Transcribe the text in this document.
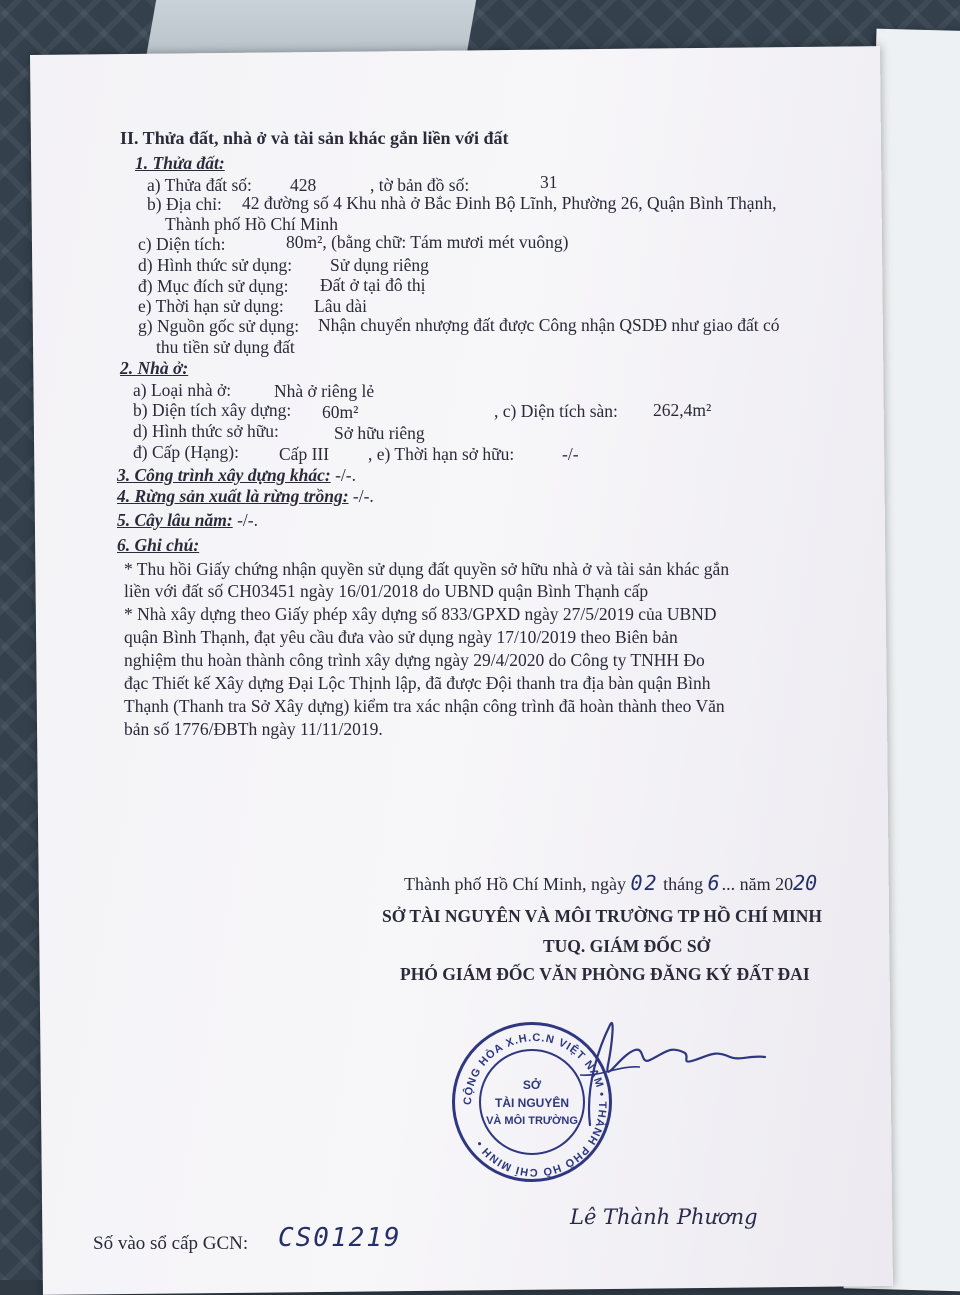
II. Thửa đất, nhà ở và tài sản khác gắn liền với đất
1. Thửa đất:
a) Thửa đất số: 428	, tờ bản đồ số:	31
b) Địa chỉ: 42 đường số 4 Khu nhà ở Bắc Đinh Bộ Lĩnh, Phường 26, Quận Bình Thạnh,
Thành phố Hồ Chí Minh
c) Diện tích:	80m², (bằng chữ: Tám mươi mét vuông)
d) Hình thức sử dụng: Sử dụng riêng
đ) Mục đích sử dụng: Đất ở tại đô thị
e) Thời hạn sử dụng: Lâu dài
g) Nguồn gốc sử dụng: Nhận chuyển nhượng đất được Công nhận QSDĐ như giao đất có
thu tiền sử dụng đất
2. Nhà ở:
a) Loại nhà ở: Nhà ở riêng lẻ
b) Diện tích xây dựng: 60m²	, c) Diện tích sàn: 262,4m²
d) Hình thức sở hữu:	Sở hữu riêng
đ) Cấp (Hạng): Cấp III , e) Thời hạn sở hữu:	-/-
3. Công trình xây dựng khác: -/-.
4. Rừng sản xuất là rừng trồng: -/-.
5. Cây lâu năm: -/-.
6. Ghi chú:
* Thu hồi Giấy chứng nhận quyền sử dụng đất quyền sở hữu nhà ở và tài sản khác gắn
liền với đất số CH03451 ngày 16/01/2018 do UBND quận Bình Thạnh cấp
* Nhà xây dựng theo Giấy phép xây dựng số 833/GPXD ngày 27/5/2019 của UBND
quận Bình Thạnh, đạt yêu cầu đưa vào sử dụng ngày 17/10/2019 theo Biên bản
nghiệm thu hoàn thành công trình xây dựng ngày 29/4/2020 do Công ty TNHH Đo
đạc Thiết kế Xây dựng Đại Lộc Thịnh lập, đã được Đội thanh tra địa bàn quận Bình
Thạnh (Thanh tra Sở Xây dựng) kiểm tra xác nhận công trình đã hoàn thành theo Văn
bản số 1776/ĐBTh ngày 11/11/2019.
Thành phố Hồ Chí Minh, ngày 02 tháng 6... năm 2020
SỞ TÀI NGUYÊN VÀ MÔI TRƯỜNG TP HỒ CHÍ MINH
TUQ. GIÁM ĐỐC SỞ
PHÓ GIÁM ĐỐC VĂN PHÒNG ĐĂNG KÝ ĐẤT ĐAI
CỘNG HÒA X.H.C.N VIỆT NAM • THÀNH PHỐ HỒ CHÍ MINH •
SỞ
TÀI NGUYÊN
VÀ MÔI TRƯỜNG
Lê Thành Phương
Số vào sổ cấp GCN: CS01219
